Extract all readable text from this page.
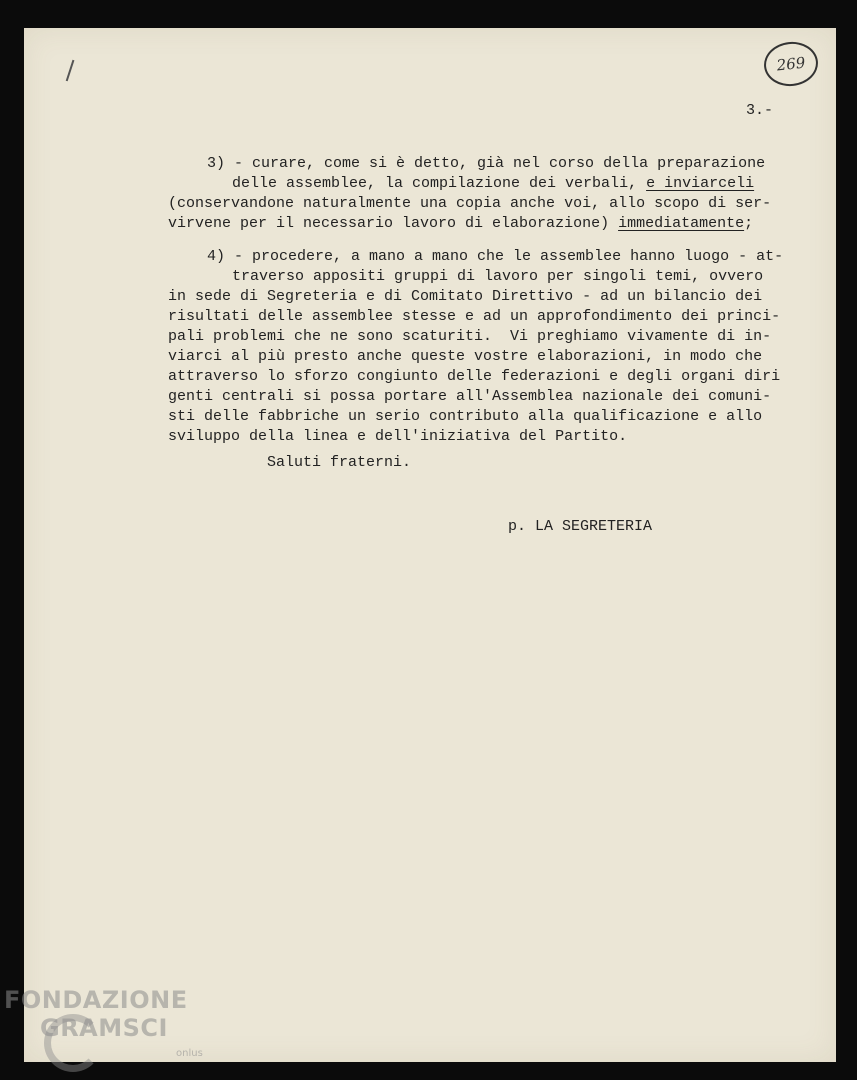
269
3.-
3) - curare, come si è detto, già nel corso della preparazione
delle assemblee, la compilazione dei verbali, e inviarceli
(conservandone naturalmente una copia anche voi, allo scopo di ser-
virvene per il necessario lavoro di elaborazione) immediatamente;
4) - procedere, a mano a mano che le assemblee hanno luogo - at-
traverso appositi gruppi di lavoro per singoli temi, ovvero
in sede di Segreteria e di Comitato Direttivo - ad un bilancio dei
risultati delle assemblee stesse e ad un approfondimento dei princi-
pali problemi che ne sono scaturiti.  Vi preghiamo vivamente di in-
viarci al più presto anche queste vostre elaborazioni, in modo che
attraverso lo sforzo congiunto delle federazioni e degli organi diri
genti centrali si possa portare all'Assemblea nazionale dei comuni-
sti delle fabbriche un serio contributo alla qualificazione e allo
sviluppo della linea e dell'iniziativa del Partito.
Saluti fraterni.
p. LA SEGRETERIA
FONDAZIONE
GRAMSCI
onlus
